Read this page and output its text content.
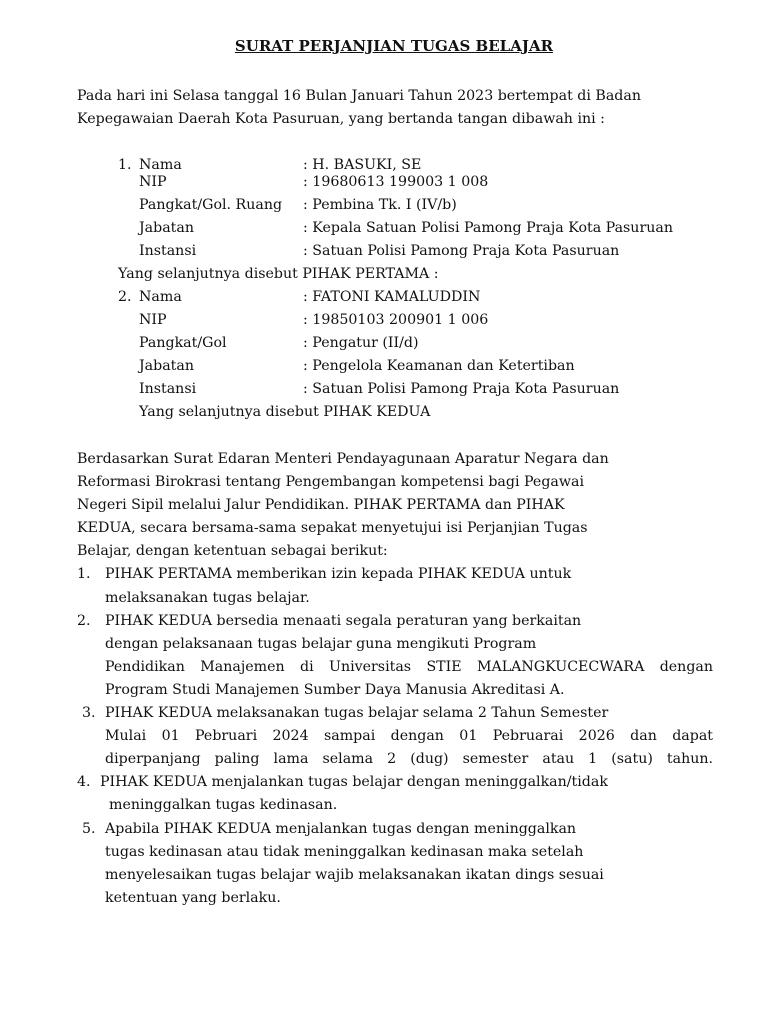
SURAT PERJANJIAN TUGAS BELAJAR
Pada hari ini Selasa tanggal 16 Bulan Januari Tahun 2023 bertempat di Badan
Kepegawaian Daerah Kota Pasuruan, yang bertanda tangan dibawah ini :
1. Nama	: H. BASUKI, SE
NIP	: 19680613 199003 1 008
Pangkat/Gol. Ruang : Pembina Tk. I (IV/b)
Jabatan	: Kepala Satuan Polisi Pamong Praja Kota Pasuruan
Instansi	: Satuan Polisi Pamong Praja Kota Pasuruan
Yang selanjutnya disebut PIHAK PERTAMA :
2. Nama	: FATONI KAMALUDDIN
NIP	: 19850103 200901 1 006
Pangkat/Gol	: Pengatur (II/d)
Jabatan	: Pengelola Keamanan dan Ketertiban
Instansi	: Satuan Polisi Pamong Praja Kota Pasuruan
Yang selanjutnya disebut PIHAK KEDUA
Berdasarkan Surat Edaran Menteri Pendayagunaan Aparatur Negara dan
Reformasi Birokrasi tentang Pengembangan kompetensi bagi Pegawai
Negeri Sipil melalui Jalur Pendidikan. PIHAK PERTAMA dan PIHAK
KEDUA, secara bersama-sama sepakat menyetujui isi Perjanjian Tugas
Belajar, dengan ketentuan sebagai berikut:
1. PIHAK PERTAMA memberikan izin kepada PIHAK KEDUA untuk
melaksanakan tugas belajar.
2. PIHAK KEDUA bersedia menaati segala peraturan yang berkaitan
dengan pelaksanaan tugas belajar guna mengikuti Program
Pendidikan Manajemen di Universitas STIE MALANGKUCECWARA dengan
Program Studi Manajemen Sumber Daya Manusia Akreditasi A.
3. PIHAK KEDUA melaksanakan tugas belajar selama 2 Tahun Semester
Mulai 01 Pebruari 2024 sampai dengan 01 Pebruarai 2026 dan dapat
diperpanjang paling lama selama 2 (dug) semester atau 1 (satu) tahun.
4. PIHAK KEDUA menjalankan tugas belajar dengan meninggalkan/tidak
meninggalkan tugas kedinasan.
5. Apabila PIHAK KEDUA menjalankan tugas dengan meninggalkan
tugas kedinasan atau tidak meninggalkan kedinasan maka setelah
menyelesaikan tugas belajar wajib melaksanakan ikatan dings sesuai
ketentuan yang berlaku.
